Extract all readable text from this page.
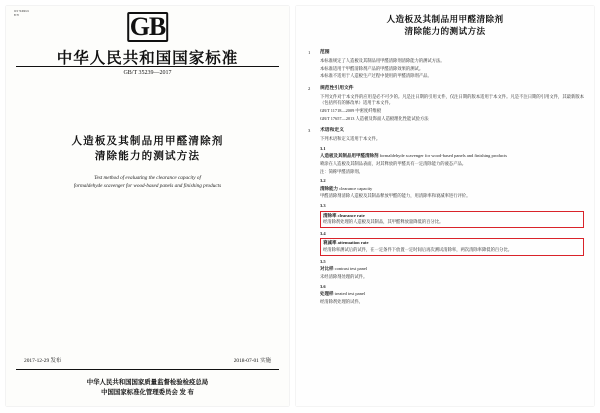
ICS 79.060.01
B 70	GB
中华人民共和国国家标准
GB/T 35239—2017
人造板及其制品用甲醛清除剂
清除能力的测试方法
Test method of evaluating the clearance capacity of
formaldehyde scavenger for wood-based panels and finishing products
2017-12-29 发布	2018-07-01 实施
中华人民共和国国家质量监督检验检疫总局
中国国家标准化管理委员会 发 布
人造板及其制品用甲醛清除剂
清除能力的测试方法
1	范围
本标准规定了人造板及其制品用甲醛清除剂清除能力的测试方法。
本标准适用于甲醛清除剂产品的甲醛清除效果的测试。
本标准不适用于人造板生产过程中使用的甲醛清除剂产品。
2	规范性引用文件
下列文件对于本文件的应用是必不可少的。凡是注日期的引用文件，仅注日期的版本适用于本文件。凡是不注日期的引用文件，其最新版本（包括所有的修改单）适用于本文件。
GB/T 11718—2009 中密度纤维板
GB/T 17657—2013 人造板及饰面人造板理化性能试验方法
3	术语和定义
下列术语和定义适用于本文件。
3.1
人造板及其制品用甲醛清除剂 formaldehyde scavenger for wood-based panels and finishing products
喷涂在人造板及其制品表面，对其释放的甲醛具有一定清除能力的液态产品。
注：简称甲醛清除剂。
3.2
清除能力 clearance capacity
甲醛清除剂清除人造板及其制品释放甲醛的能力，用清除率和衰减率进行评价。
3.3
清除率 clearance rate
经清除剂处理的人造板及其制品，其甲醛释放量降低的百分比。
3.4
衰减率 attenuation rate
经清除率测试后的试件，在一定条件下放置一定时间后再次测试清除率，两次清除率降低的百分比。
3.5
对比样 contrast test panel
未经清除剂处理的试件。
3.6
处理样 treated test panel
经清除剂处理的试件。
